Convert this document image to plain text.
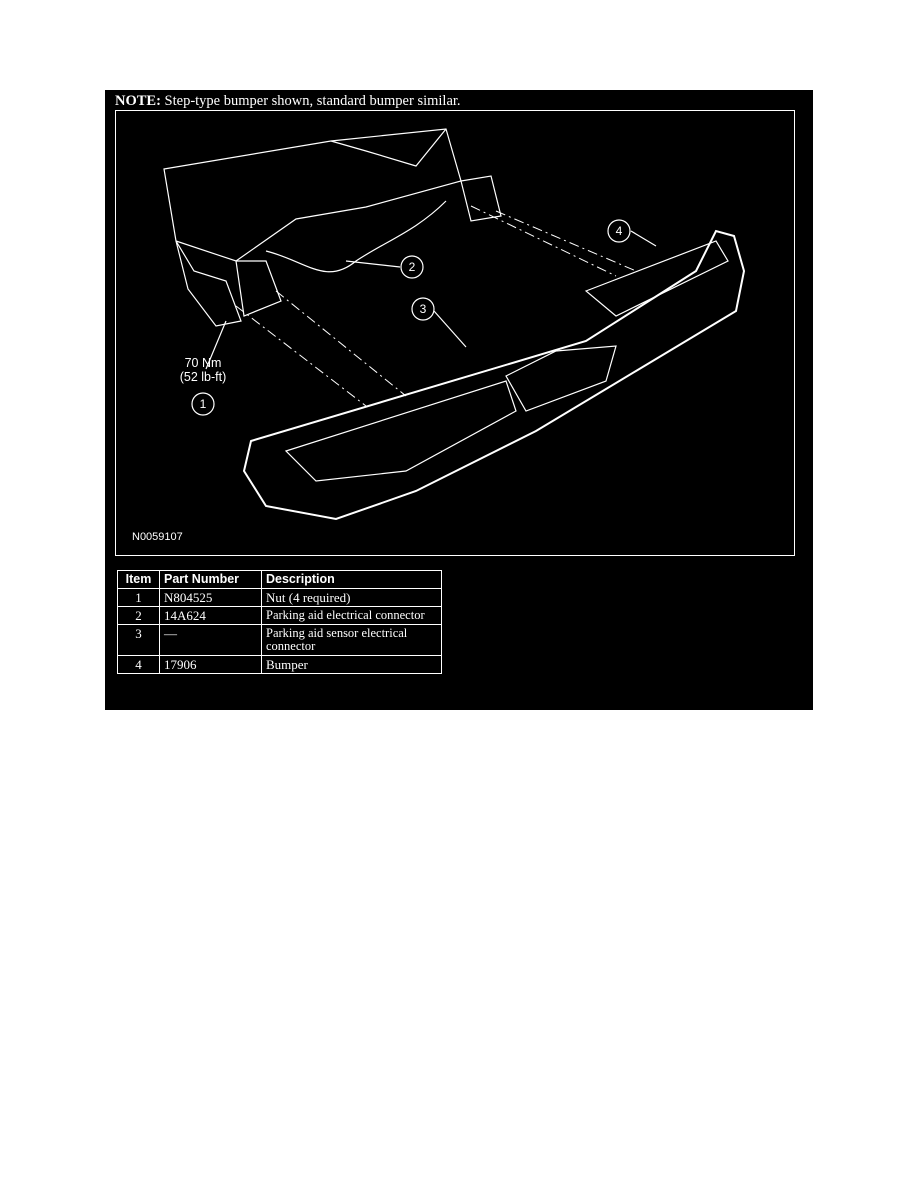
NOTE: Step-type bumper shown, standard bumper similar.
2
3
4
1
70 Nm
(52 lb-ft)
N0059107
Item	Part Number	Description
1	N804525	Nut (4 required)
2	14A624	Parking aid electrical connector
3	—	Parking aid sensor electrical connector
4	17906	Bumper
